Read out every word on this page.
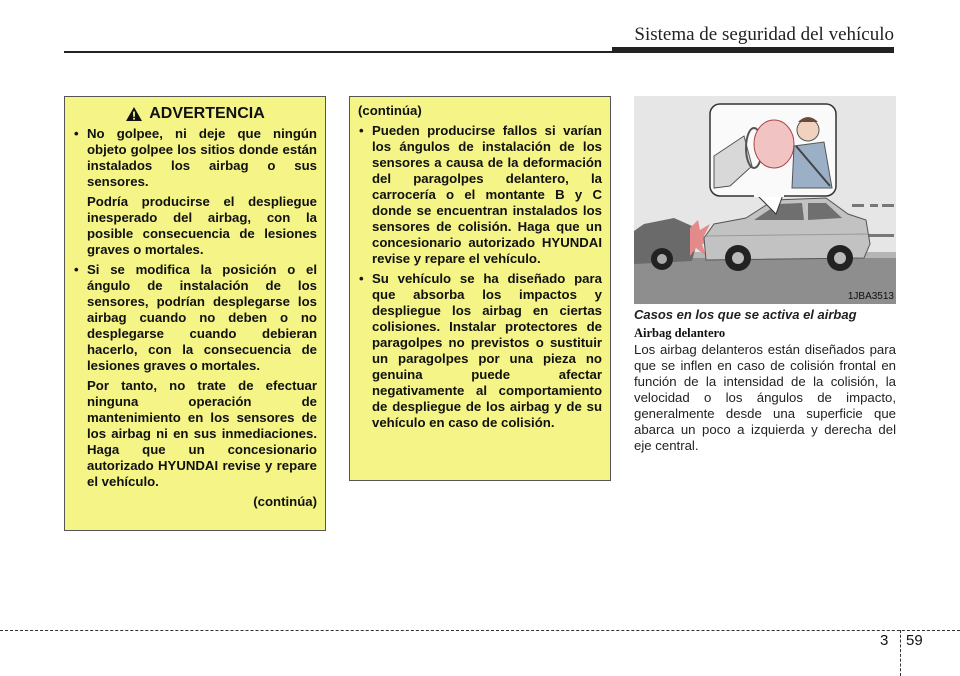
Sistema de seguridad del vehículo
ADVERTENCIA
• No golpee, ni deje que ningún objeto golpee los sitios donde están instalados los airbag o sus sensores.
Podría producirse el despliegue inesperado del airbag, con la posible consecuencia de lesiones graves o mortales.
• Si se modifica la posición o el ángulo de instalación de los sensores, podrían desplegarse los airbag cuando no deben o no desplegarse cuando debieran hacerlo, con la consecuencia de lesiones graves o mortales.
Por tanto, no trate de efectuar ninguna operación de mantenimiento en los sensores de los airbag ni en sus inmediaciones. Haga que un concesionario autorizado HYUNDAI revise y repare el vehículo.
(continúa)
(continúa)
• Pueden producirse fallos si varían los ángulos de instalación de los sensores a causa de la deformación del paragolpes delantero, la carrocería o el montante B y C donde se encuentran instalados los sensores de colisión. Haga que un concesionario autorizado HYUNDAI revise y repare el vehículo.
• Su vehículo se ha diseñado para que absorba los impactos y despliegue los airbag en ciertas colisiones. Instalar protectores de paragolpes no previstos o sustituir un paragolpes por una pieza no genuina puede afectar negativamente al comportamiento de despliegue de los airbag y de su vehículo en caso de colisión.
1JBA3513
Casos en los que se activa el airbag
Airbag delantero
Los airbag delanteros están diseñados para que se inflen en caso de colisión frontal en función de la intensidad de la colisión, la velocidad o los ángulos de impacto, generalmente desde una superficie que abarca un poco a izquierda y derecha del eje central.
3 59
